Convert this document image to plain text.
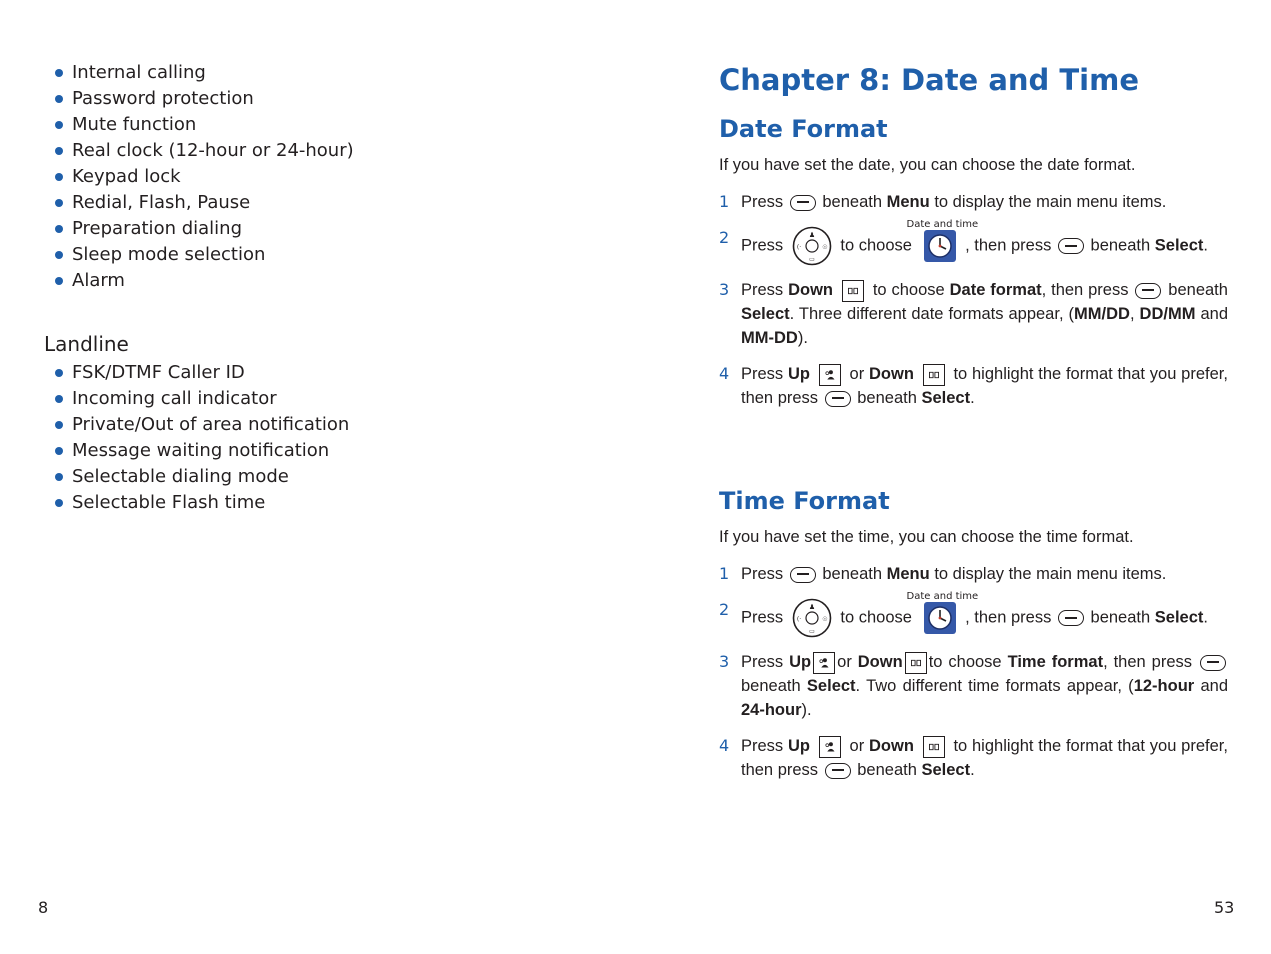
Internal calling
Password protection
Mute function
Real clock (12-hour or 24-hour)
Keypad lock
Redial, Flash, Pause
Preparation dialing
Sleep mode selection
Alarm
Landline
FSK/DTMF Caller ID
Incoming call indicator
Private/Out of area notification
Message waiting notification
Selectable dialing mode
Selectable Flash time
8
Chapter 8: Date and Time
Date Format

If you have set the date, you can choose the date format.

1 Press beneath Menu to display the main menu items.
2 Press
♟
▭
(·	☉ to choose
Date and time
, then press beneath Select.
3 Press Down to choose Date format, then press beneath Select. Three different date formats appear, (MM/DD, DD/MM and MM-DD).
4 Press Up or Down to highlight the format that you prefer, then press beneath Select.
Time Format

If you have set the time, you can choose the time format.

1 Press beneath Menu to display the main menu items.
2 Press
♟
▭
(·	☉ to choose
Date and time
, then press beneath Select.
3 Press Up or Down to choose Time format, then press beneath Select. Two different time formats appear, (12-hour and 24-hour).
4 Press Up or Down to highlight the format that you prefer, then press beneath Select.
53
